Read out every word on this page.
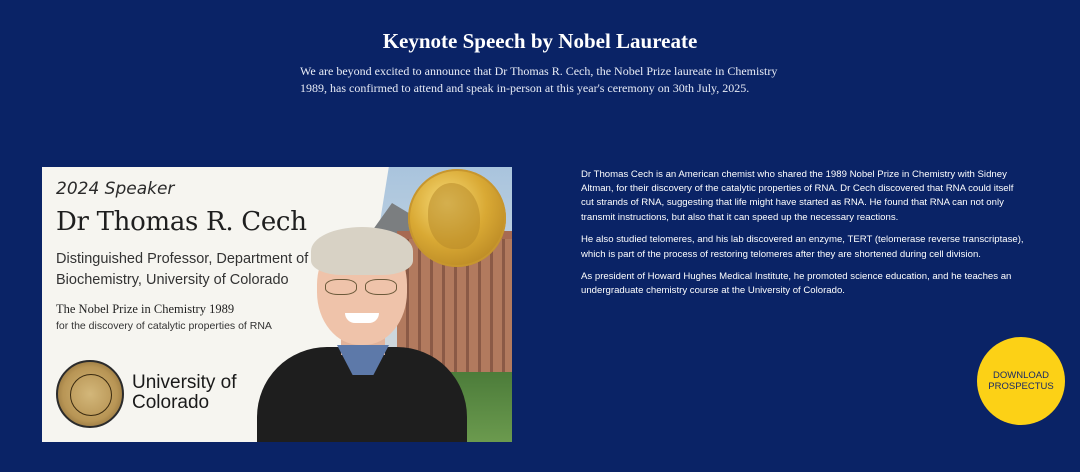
Keynote Speech by Nobel Laureate

We are beyond excited to announce that Dr Thomas R. Cech, the Nobel Prize laureate in Chemistry 1989, has confirmed to attend and speak in-person at this year's ceremony on 30th July, 2025.

2024 Speaker
Dr Thomas R. Cech
Distinguished Professor, Department of Biochemistry, University of Colorado
The Nobel Prize in Chemistry 1989
for the discovery of catalytic properties of RNA
University of
Colorado

Dr Thomas Cech is an American chemist who shared the 1989 Nobel Prize in Chemistry with Sidney Altman, for their discovery of the catalytic properties of RNA. Dr Cech discovered that RNA could itself cut strands of RNA, suggesting that life might have started as RNA. He found that RNA can not only transmit instructions, but also that it can speed up the necessary reactions.

He also studied telomeres, and his lab discovered an enzyme, TERT (telomerase reverse transcriptase), which is part of the process of restoring telomeres after they are shortened during cell division.

As president of Howard Hughes Medical Institute, he promoted science education, and he teaches an undergraduate chemistry course at the University of Colorado.

DOWNLOAD
PROSPECTUS
